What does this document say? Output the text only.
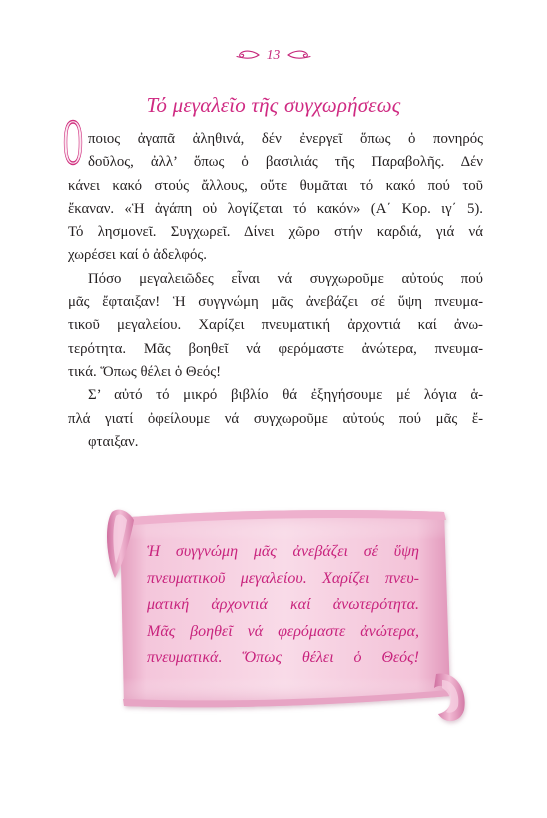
13
Τό μεγαλεῖο τῆς συγχωρήσεως
Ο ποιος ἀγαπᾶ ἀληθινά, δέν ἐνεργεῖ ὅπως ὁ πονηρός
δοῦλος, ἀλλ’ ὅπως ὁ βασιλιάς τῆς Παραβολῆς. Δέν
κάνει κακό στούς ἄλλους, οὔτε θυμᾶται τό κακό πού τοῦ
ἔκαναν. «Ἡ ἀγάπη οὐ λογίζεται τό κακόν» (Α΄ Κορ. ιγ΄ 5).
Τό λησμονεῖ. Συγχωρεῖ. Δίνει χῶρο στήν καρδιά, γιά νά
χωρέσει καί ὁ ἀδελφός.
Πόσο μεγαλειῶδες εἶναι νά συγχωροῦμε αὐτούς πού
μᾶς ἔφταιξαν! Ἡ συγγνώμη μᾶς ἀνεβάζει σέ ὕψη πνευμα-
τικοῦ μεγαλείου. Χαρίζει πνευματική ἀρχοντιά καί ἀνω-
τερότητα. Μᾶς βοηθεῖ νά φερόμαστε ἀνώτερα, πνευμα-
τικά. Ὅπως θέλει ὁ Θεός!
Σ’ αὐτό τό μικρό βιβλίο θά ἐξηγήσουμε μέ λόγια ἁ-
πλά γιατί ὀφείλουμε νά συγχωροῦμε αὐτούς πού μᾶς ἔ-
φταιξαν.
Ἡ συγγνώμη μᾶς ἀνεβάζει σέ ὕψη
πνευματικοῦ μεγαλείου. Χαρίζει πνευ-
ματική ἀρχοντιά καί ἀνωτερότητα.
Μᾶς βοηθεῖ νά φερόμαστε ἀνώτερα,
πνευματικά. Ὅπως θέλει ὁ Θεός!
